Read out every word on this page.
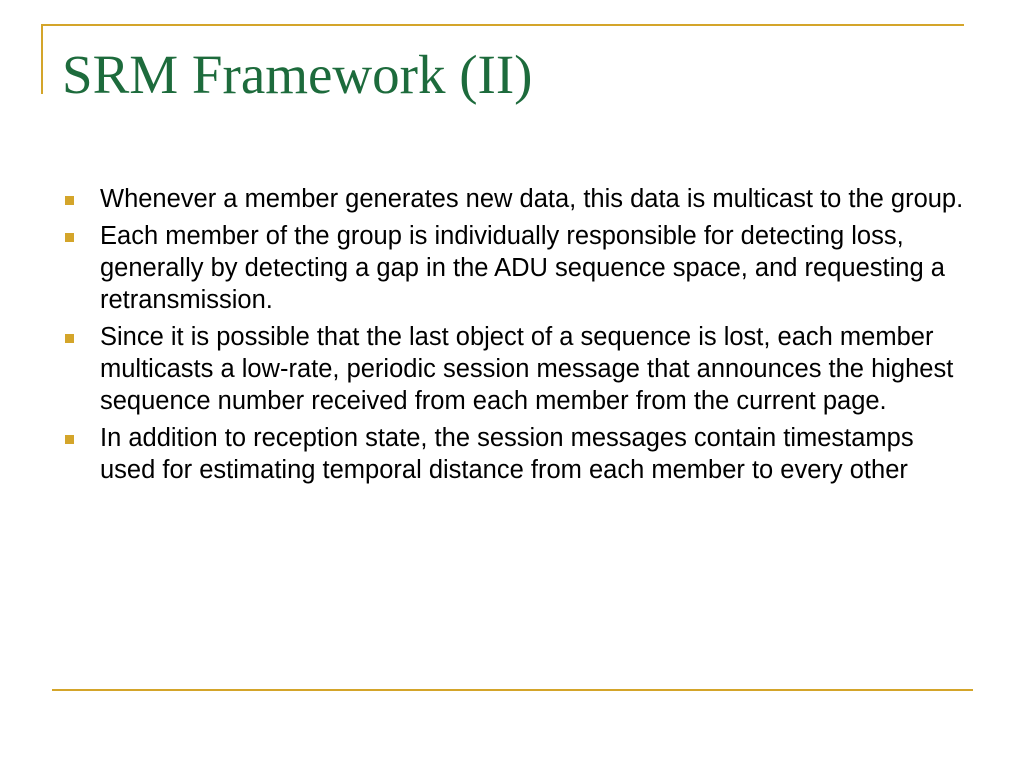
SRM Framework (II)
Whenever a member generates new data, this data is multicast to the group.
Each member of the group is individually responsible for detecting loss, generally by detecting a gap in the ADU sequence space, and requesting a retransmission.
Since it is possible that the last object of a sequence is lost, each member multicasts a low-rate, periodic session message that announces the highest sequence number received from each member from the current page.
In addition to reception state, the session messages contain timestamps used for estimating temporal distance from each member to every other
